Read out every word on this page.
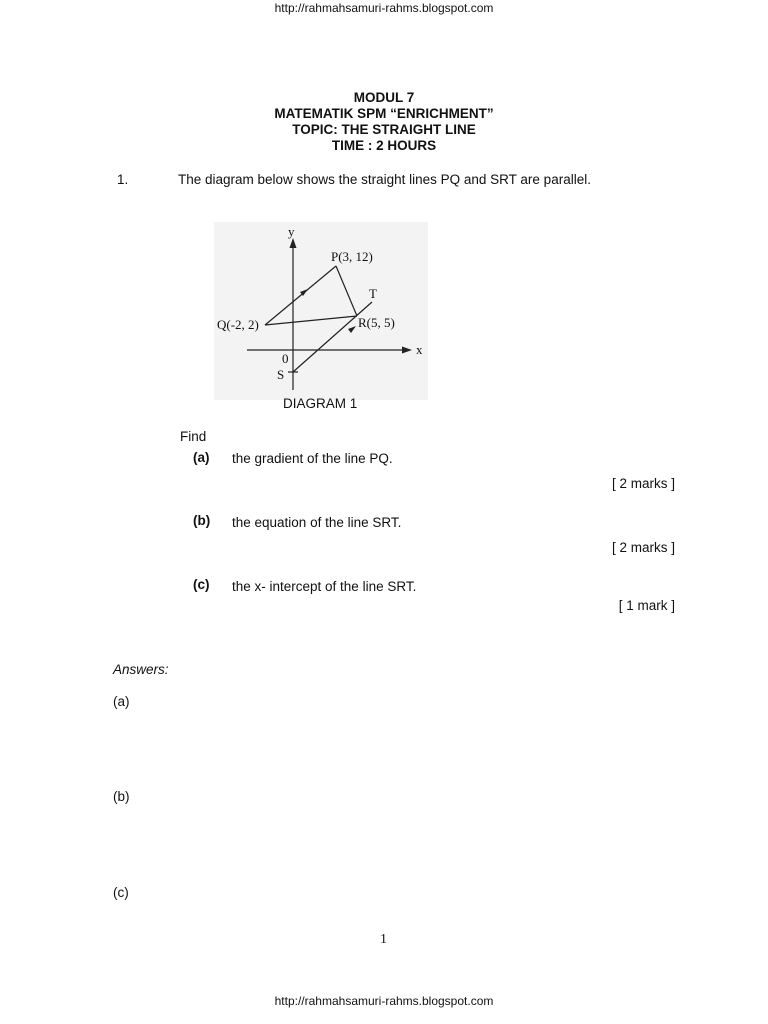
http://rahmahsamuri-rahms.blogspot.com
MODUL 7
MATEMATIK SPM “ENRICHMENT”
TOPIC: THE STRAIGHT LINE
TIME : 2 HOURS
1.	The diagram below shows the straight lines PQ and SRT are parallel.
y
x
0
P(3, 12)
Q(-2, 2)	R(5, 5)
S
T
DIAGRAM 1
Find
(a) the gradient of the line PQ.
[ 2 marks ]
(b) the equation of the line SRT.
[ 2 marks ]
(c) the x- intercept of the line SRT.
[ 1 mark ]
Answers:
(a)
(b)
(c)
1
http://rahmahsamuri-rahms.blogspot.com
